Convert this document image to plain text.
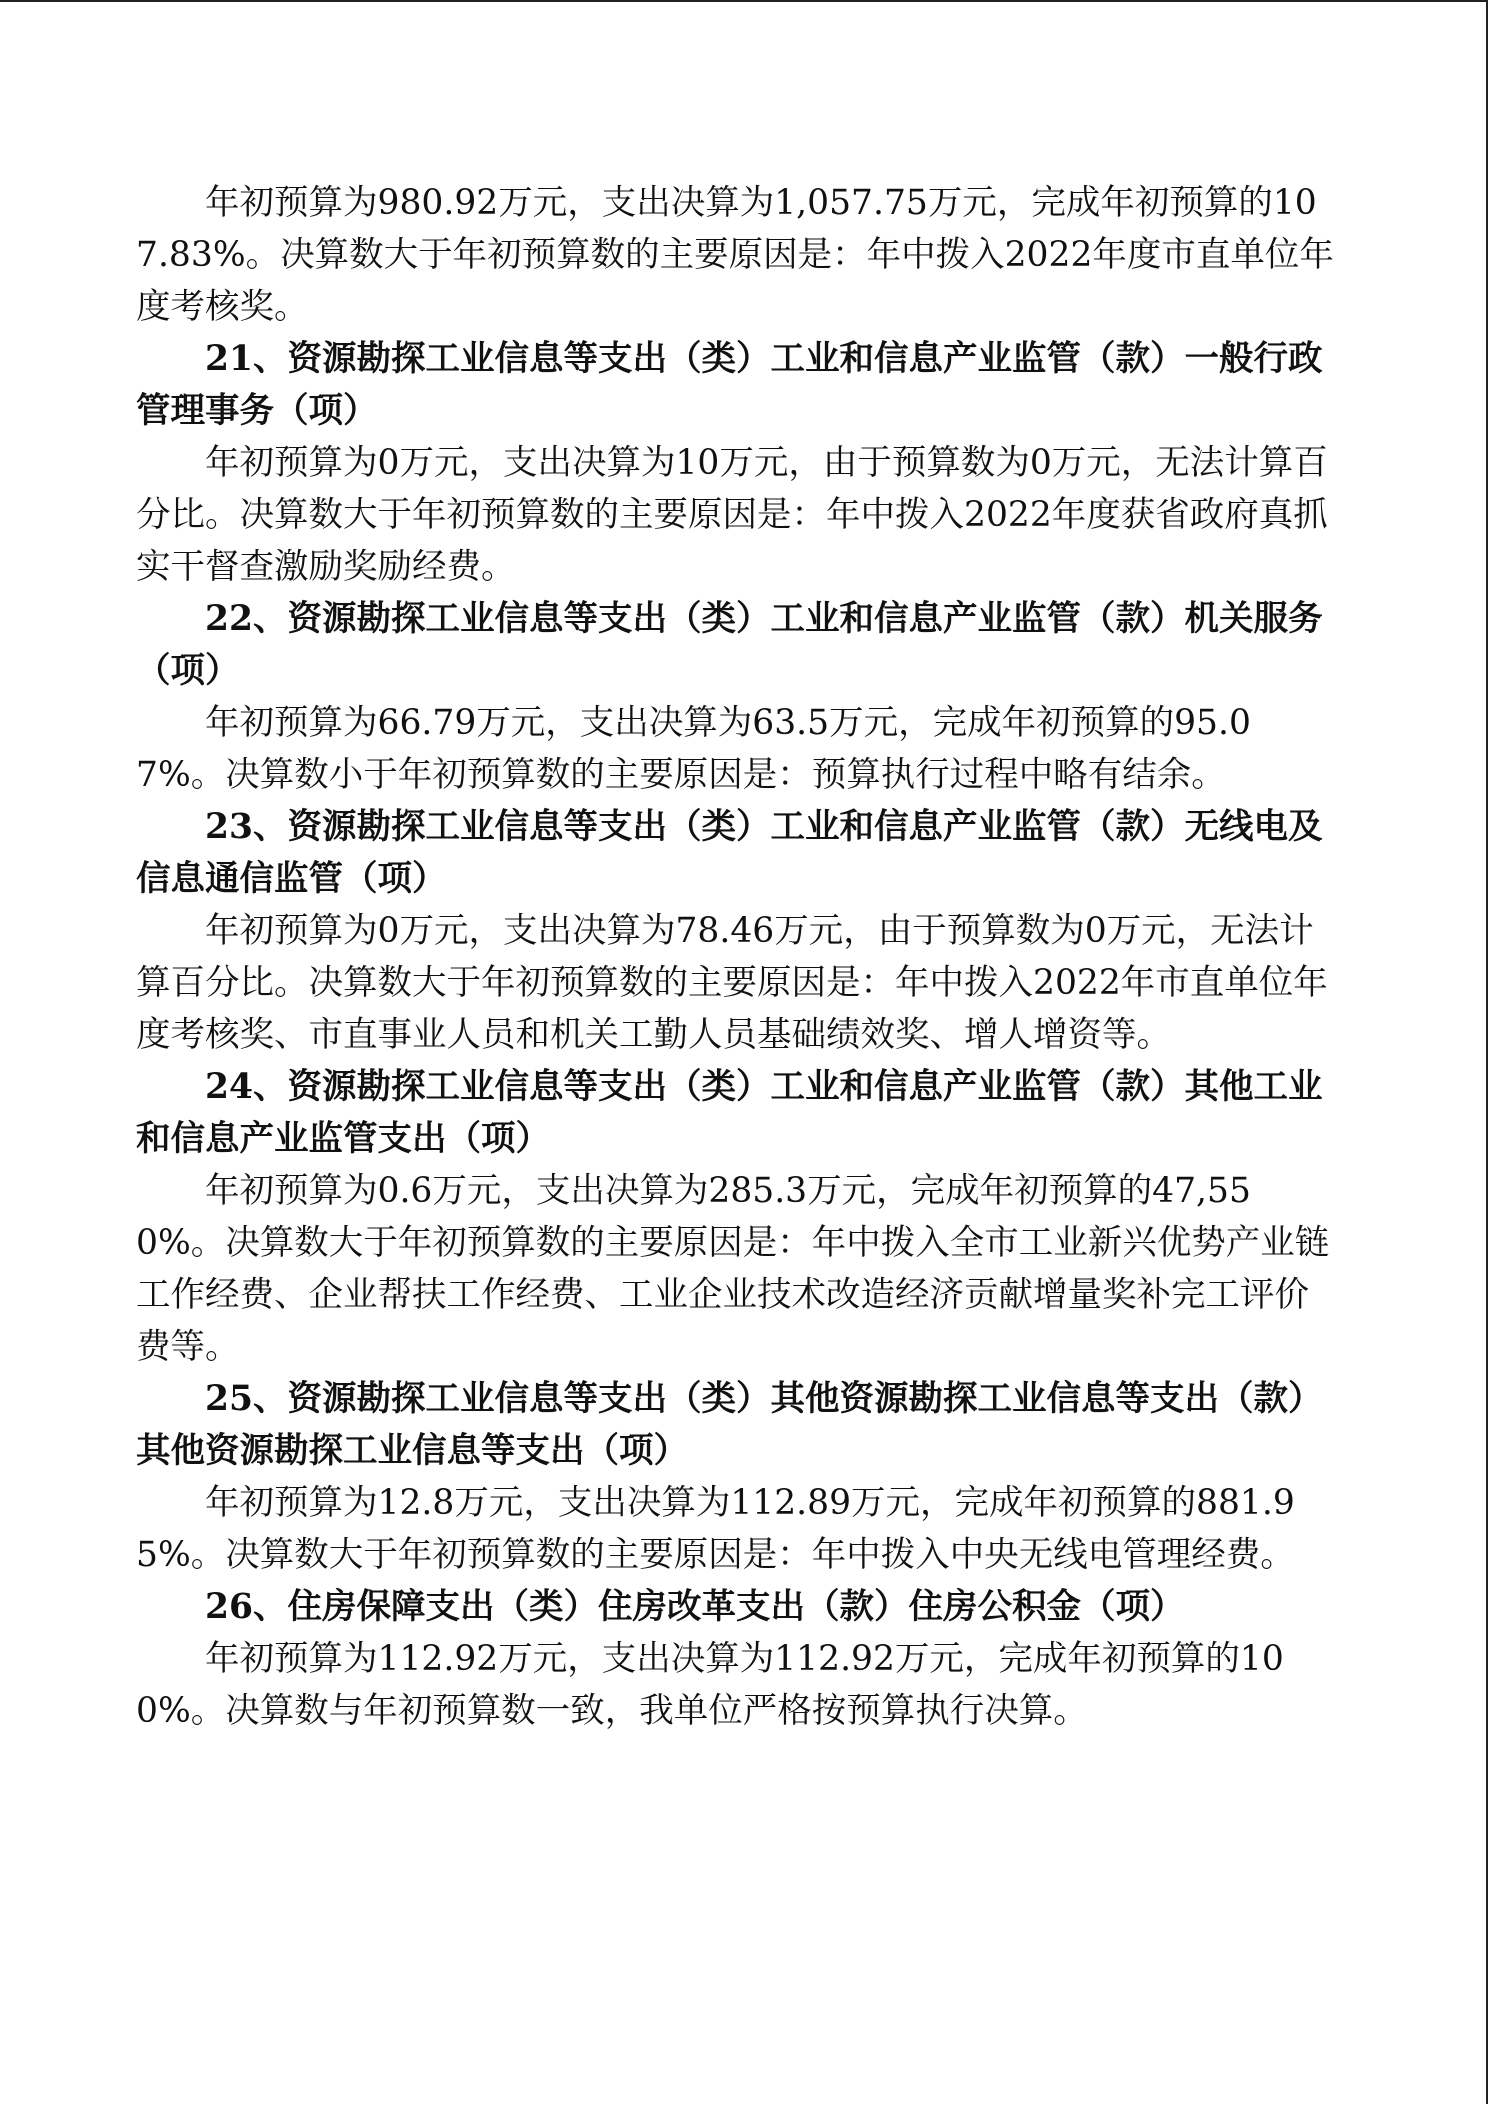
年初预算为980.92万元，支出决算为1,057.75万元，完成年初预算的107.83%。决算数大于年初预算数的主要原因是：年中拨入2022年度市直单位年度考核奖。

21、资源勘探工业信息等支出（类）工业和信息产业监管（款）一般行政管理事务（项）

年初预算为0万元，支出决算为10万元，由于预算数为0万元，无法计算百分比。决算数大于年初预算数的主要原因是：年中拨入2022年度获省政府真抓实干督查激励奖励经费。

22、资源勘探工业信息等支出（类）工业和信息产业监管（款）机关服务（项）

年初预算为66.79万元，支出决算为63.5万元，完成年初预算的95.07%。决算数小于年初预算数的主要原因是：预算执行过程中略有结余。

23、资源勘探工业信息等支出（类）工业和信息产业监管（款）无线电及信息通信监管（项）

年初预算为0万元，支出决算为78.46万元，由于预算数为0万元，无法计算百分比。决算数大于年初预算数的主要原因是：年中拨入2022年市直单位年度考核奖、市直事业人员和机关工勤人员基础绩效奖、增人增资等。

24、资源勘探工业信息等支出（类）工业和信息产业监管（款）其他工业和信息产业监管支出（项）

年初预算为0.6万元，支出决算为285.3万元，完成年初预算的47,550%。决算数大于年初预算数的主要原因是：年中拨入全市工业新兴优势产业链工作经费、企业帮扶工作经费、工业企业技术改造经济贡献增量奖补完工评价费等。

25、资源勘探工业信息等支出（类）其他资源勘探工业信息等支出（款）其他资源勘探工业信息等支出（项）

年初预算为12.8万元，支出决算为112.89万元，完成年初预算的881.95%。决算数大于年初预算数的主要原因是：年中拨入中央无线电管理经费。

26、住房保障支出（类）住房改革支出（款）住房公积金（项）

年初预算为112.92万元，支出决算为112.92万元，完成年初预算的100%。决算数与年初预算数一致，我单位严格按预算执行决算。
